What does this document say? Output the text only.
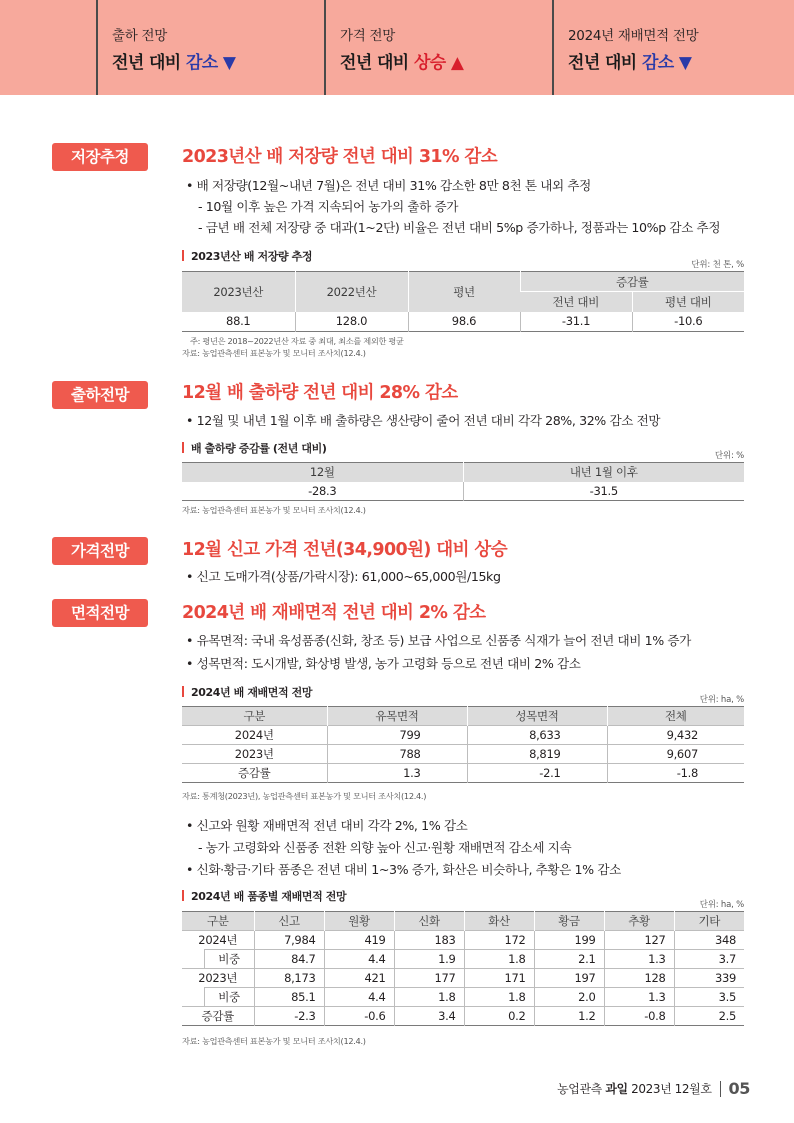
출하 전망
전년 대비 감소 ▼
가격 전망
전년 대비 상승 ▲
2024년 재배면적 전망
전년 대비 감소 ▼
저장추정	2023년산 배 저장량 전년 대비 31% 감소
• 배 저장량(12월~내년 7월)은 전년 대비 31% 감소한 8만 8천 톤 내외 추정
- 10월 이후 높은 가격 지속되어 농가의 출하 증가
- 금년 배 전체 저장량 중 대과(1~2단) 비율은 전년 대비 5%p 증가하나, 정품과는 10%p 감소 추정
2023년산 배 저장량 추정
단위: 천 톤, %
2023년산	2022년산	평년	증감률	
			전년 대비	평년 대비
88.1	128.0	98.6	-31.1	-10.6
주: 평년은 2018~2022년산 자료 중 최대, 최소를 제외한 평균
자료: 농업관측센터 표본농가 및 모니터 조사치(12.4.)
출하전망	12월 배 출하량 전년 대비 28% 감소
• 12월 및 내년 1월 이후 배 출하량은 생산량이 줄어 전년 대비 각각 28%, 32% 감소 전망
배 출하량 증감률 (전년 대비)
단위: %
12월	내년 1월 이후
-28.3	-31.5
자료: 농업관측센터 표본농가 및 모니터 조사치(12.4.)
가격전망	12월 신고 가격 전년(34,900원) 대비 상승
• 신고 도매가격(상품/가락시장): 61,000~65,000원/15kg
면적전망	2024년 배 재배면적 전년 대비 2% 감소
• 유목면적: 국내 육성품종(신화, 창조 등) 보급 사업으로 신품종 식재가 늘어 전년 대비 1% 증가
• 성목면적: 도시개발, 화상병 발생, 농가 고령화 등으로 전년 대비 2% 감소
2024년 배 재배면적 전망
단위: ha, %
구분	유목면적	성목면적	전체
2024년	799	8,633	9,432
2023년	788	8,819	9,607
증감률	1.3	-2.1	-1.8
자료: 통계청(2023년), 농업관측센터 표본농가 및 모니터 조사치(12.4.)
• 신고와 원황 재배면적 전년 대비 각각 2%, 1% 감소
- 농가 고령화와 신품종 전환 의향 높아 신고·원황 재배면적 감소세 지속
• 신화·황금·기타 품종은 전년 대비 1~3% 증가, 화산은 비슷하나, 추황은 1% 감소
2024년 배 품종별 재배면적 전망
단위: ha, %
구분		신고	원황	신화	화산	황금	추황	기타
2024년		7,984	419	183	172	199	127	348
	비중	84.7	4.4	1.9	1.8	2.1	1.3	3.7
2023년		8,173	421	177	171	197	128	339
	비중	85.1	4.4	1.8	1.8	2.0	1.3	3.5
증감률		-2.3	-0.6	3.4	0.2	1.2	-0.8	2.5
자료: 농업관측센터 표본농가 및 모니터 조사치(12.4.)
농업관측 과일 2023년 12월호	05
